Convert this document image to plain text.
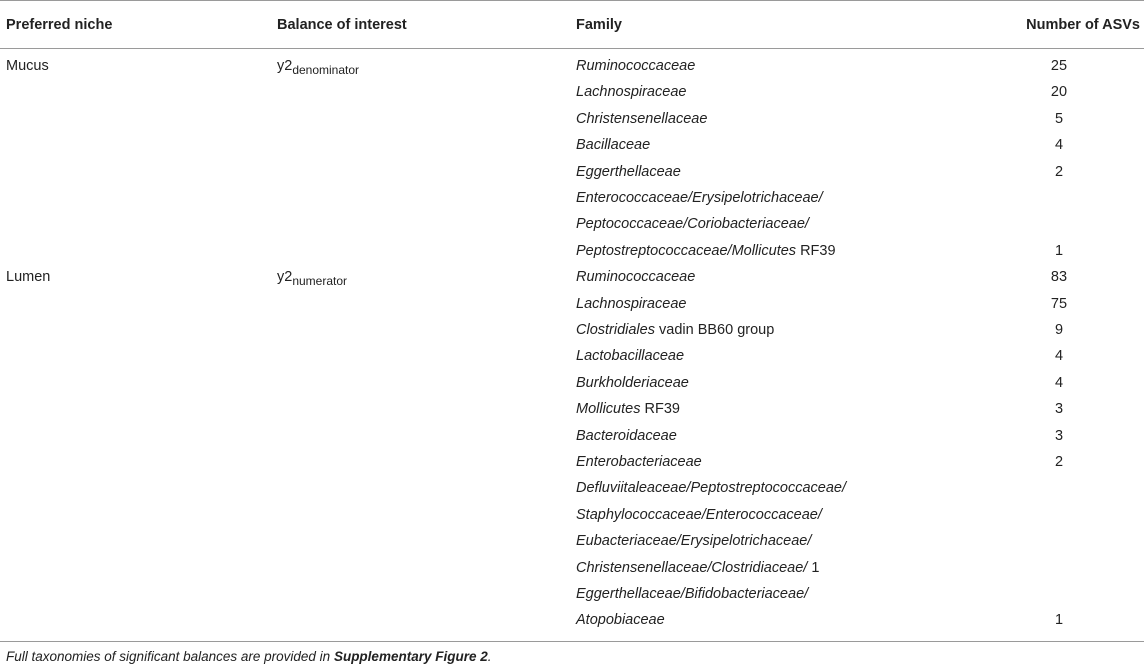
Preferred niche	Balance of interest	Family	Number of ASVs
Mucus	$y2_{denominator}$	Ruminococcaceae	25
Lachnospiraceae	20
Christensenellaceae	5
Bacillaceae	4
Eggerthellaceae	2
Enterococcaceae/Erysipelotrichaceae/
Peptococcaceae/Coriobacteriaceae/
Peptostreptococcaceae/Mollicutes RF39	1
Lumen	$y2_{numerator}$	Ruminococcaceae	83
Lachnospiraceae	75
Clostridiales vadin BB60 group	9
Lactobacillaceae	4
Burkholderiaceae	4
Mollicutes RF39	3
Bacteroidaceae	3
Enterobacteriaceae	2
Defluviitaleaceae/Peptostreptococcaceae/
Staphylococcaceae/Enterococcaceae/
Eubacteriaceae/Erysipelotrichaceae/
Christensenellaceae/Clostridiaceae/ 1
Eggerthellaceae/Bifidobacteriaceae/
Atopobiaceae	1
Full taxonomies of significant balances are provided in Supplementary Figure 2.
